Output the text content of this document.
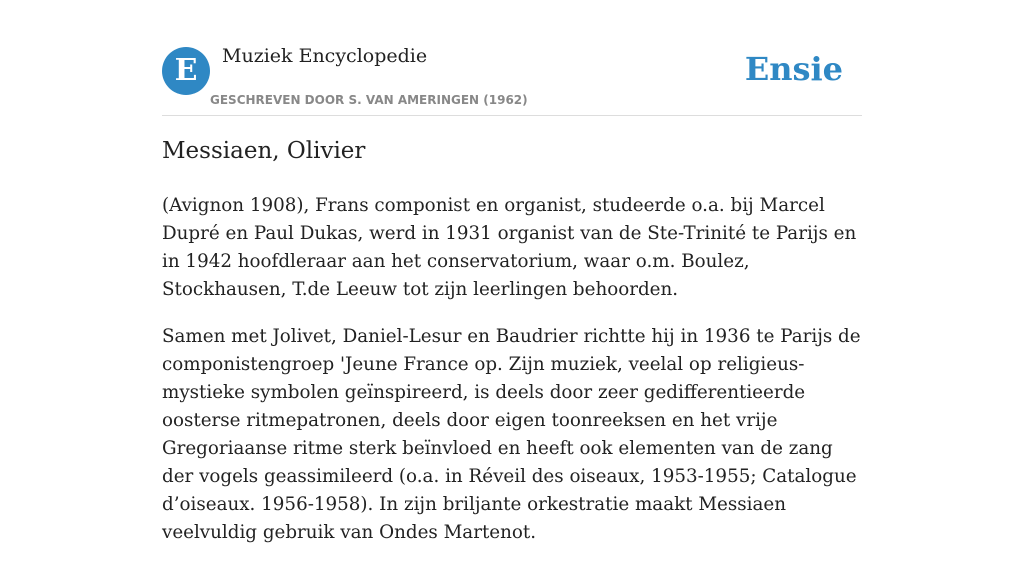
E	Muziek Encyclopedie
GESCHREVEN DOOR S. VAN AMERINGEN (1962)
Ensie
Messiaen, Olivier

(Avignon 1908), Frans componist en organist, studeerde o.a. bij Marcel Dupré en Paul Dukas, werd in 1931 organist van de Ste-Trinité te Parijs en in 1942 hoofdleraar aan het conservatorium, waar o.m. Boulez, Stockhausen, T.de Leeuw tot zijn leerlingen behoorden.

Samen met Jolivet, Daniel-Lesur en Baudrier richtte hij in 1936 te Parijs de componistengroep 'Jeune France op. Zijn muziek, veelal op religieus-mystieke symbolen geïnspireerd, is deels door zeer gedifferentieerde oosterse ritmepatronen, deels door eigen toonreeksen en het vrije Gregoriaanse ritme sterk beïnvloed en heeft ook elementen van de zang der vogels geassimileerd (o.a. in Réveil des oiseaux, 1953-1955; Catalogue d’oiseaux. 1956-1958). In zijn briljante orkestratie maakt Messiaen veelvuldig gebruik van Ondes Martenot.
